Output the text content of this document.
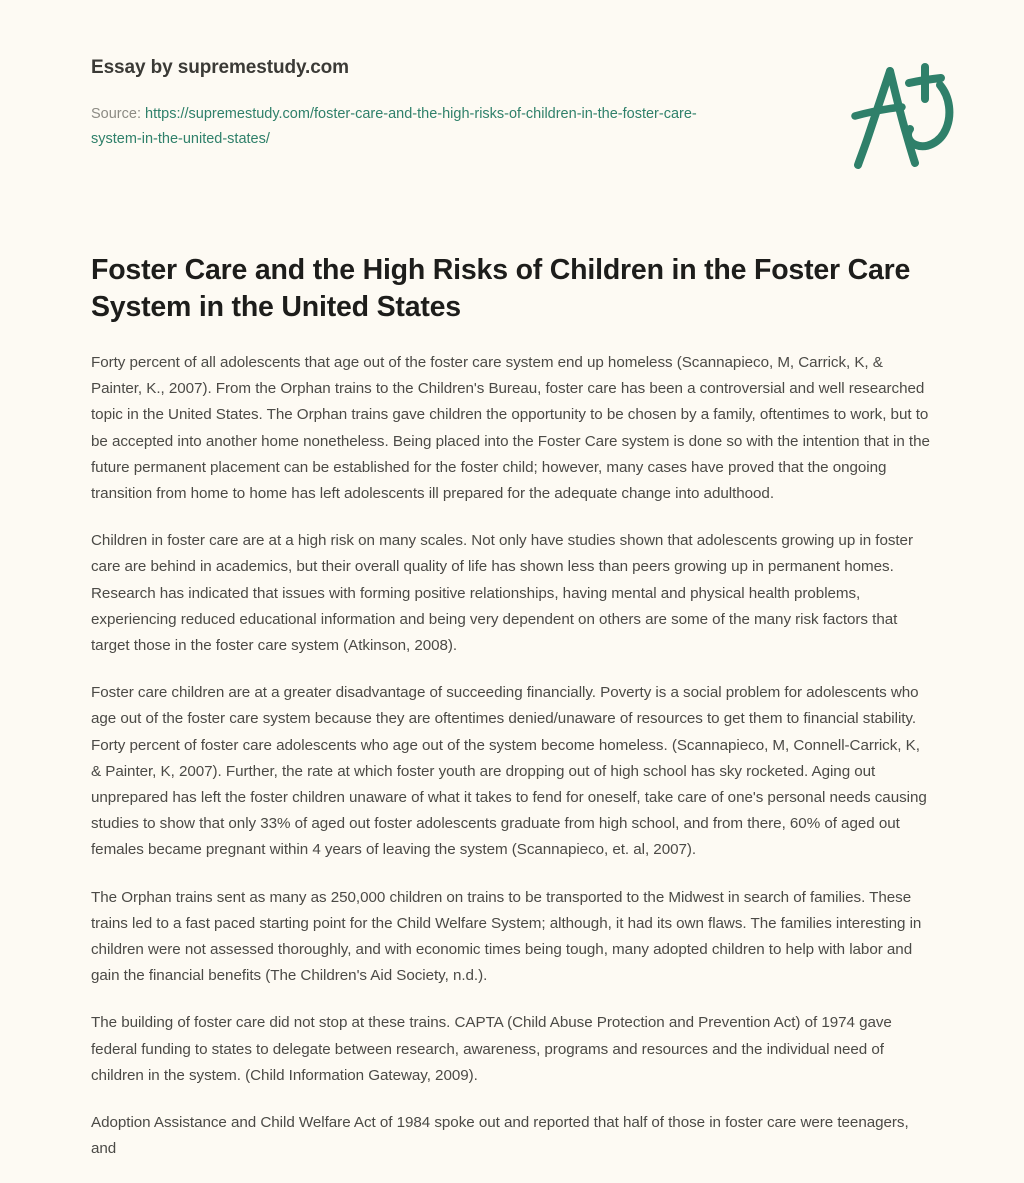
Essay by supremestudy.com
Source: https://supremestudy.com/foster-care-and-the-high-risks-of-children-in-the-foster-care-system-in-the-united-states/
Foster Care and the High Risks of Children in the Foster Care System in the United States

Forty percent of all adolescents that age out of the foster care system end up homeless (Scannapieco, M, Carrick, K, & Painter, K., 2007). From the Orphan trains to the Children's Bureau, foster care has been a controversial and well researched topic in the United States. The Orphan trains gave children the opportunity to be chosen by a family, oftentimes to work, but to be accepted into another home nonetheless. Being placed into the Foster Care system is done so with the intention that in the future permanent placement can be established for the foster child; however, many cases have proved that the ongoing transition from home to home has left adolescents ill prepared for the adequate change into adulthood.

Children in foster care are at a high risk on many scales. Not only have studies shown that adolescents growing up in foster care are behind in academics, but their overall quality of life has shown less than peers growing up in permanent homes. Research has indicated that issues with forming positive relationships, having mental and physical health problems, experiencing reduced educational information and being very dependent on others are some of the many risk factors that target those in the foster care system (Atkinson, 2008).

Foster care children are at a greater disadvantage of succeeding financially. Poverty is a social problem for adolescents who age out of the foster care system because they are oftentimes denied/unaware of resources to get them to financial stability. Forty percent of foster care adolescents who age out of the system become homeless. (Scannapieco, M, Connell-Carrick, K, & Painter, K, 2007). Further, the rate at which foster youth are dropping out of high school has sky rocketed. Aging out unprepared has left the foster children unaware of what it takes to fend for oneself, take care of one's personal needs causing studies to show that only 33% of aged out foster adolescents graduate from high school, and from there, 60% of aged out females became pregnant within 4 years of leaving the system (Scannapieco, et. al, 2007).

The Orphan trains sent as many as 250,000 children on trains to be transported to the Midwest in search of families. These trains led to a fast paced starting point for the Child Welfare System; although, it had its own flaws. The families interesting in children were not assessed thoroughly, and with economic times being tough, many adopted children to help with labor and gain the financial benefits (The Children's Aid Society, n.d.).

The building of foster care did not stop at these trains. CAPTA (Child Abuse Protection and Prevention Act) of 1974 gave federal funding to states to delegate between research, awareness, programs and resources and the individual need of children in the system. (Child Information Gateway, 2009).

Adoption Assistance and Child Welfare Act of 1984 spoke out and reported that half of those in foster care were teenagers, and
